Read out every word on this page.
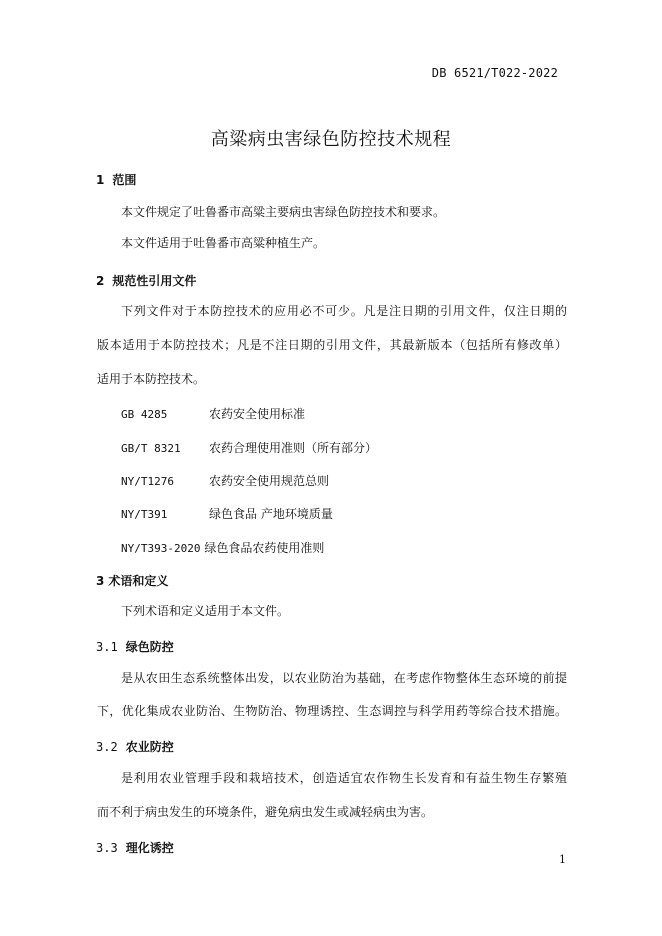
DB 6521/T022-2022
高粱病虫害绿色防控技术规程
1 范围
本文件规定了吐鲁番市高粱主要病虫害绿色防控技术和要求。
本文件适用于吐鲁番市高粱种植生产。
2 规范性引用文件
下列文件对于本防控技术的应用必不可少。凡是注日期的引用文件，仅注日期的
版本适用于本防控技术；凡是不注日期的引用文件，其最新版本（包括所有修改单）
适用于本防控技术。
GB 4285	农药安全使用标准
GB/T 8321 农药合理使用准则（所有部分）
NY/T1276	农药安全使用规范总则
NY/T391	绿色食品 产地环境质量
NY/T393-2020 绿色食品农药使用准则
3 术语和定义
下列术语和定义适用于本文件。
3.1 绿色防控
是从农田生态系统整体出发，以农业防治为基础，在考虑作物整体生态环境的前提
下，优化集成农业防治、生物防治、物理诱控、生态调控与科学用药等综合技术措施。
3.2 农业防控
是利用农业管理手段和栽培技术，创造适宜农作物生长发育和有益生物生存繁殖
而不利于病虫发生的环境条件，避免病虫发生或减轻病虫为害。
3.3 理化诱控
1
